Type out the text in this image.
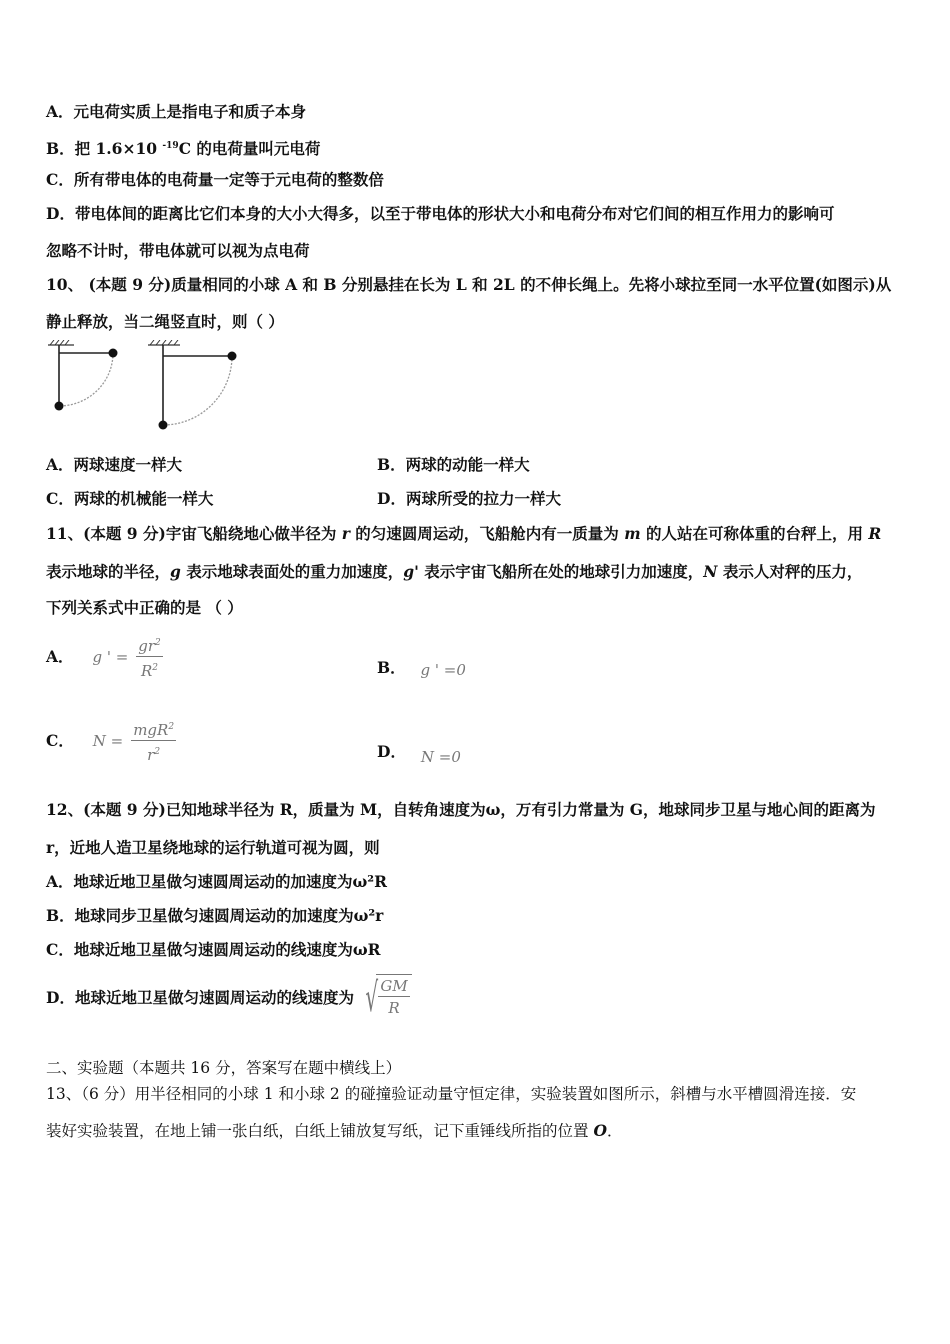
A．元电荷实质上是指电子和质子本身
B．把 1.6×10 $^{-19}$C 的电荷量叫元电荷
C．所有带电体的电荷量一定等于元电荷的整数倍
D．带电体间的距离比它们本身的大小大得多，以至于带电体的形状大小和电荷分布对它们间的相互作用力的影响可
忽略不计时，带电体就可以视为点电荷
10、 (本题 9 分)质量相同的小球 A 和 B 分别悬挂在长为 L 和 2L 的不伸长绳上。先将小球拉至同一水平位置(如图示)从
静止释放，当二绳竖直时，则（ ）
A．两球速度一样大	B．两球的动能一样大
C．两球的机械能一样大	D．两球所受的拉力一样大
11、(本题 9 分)宇宙飞船绕地心做半径为 r 的匀速圆周运动，飞船舱内有一质量为 m 的人站在可称体重的台秤上，用 R
表示地球的半径，g 表示地球表面处的重力加速度，g' 表示宇宙飞船所在处的地球引力加速度，N 表示人对秤的压力，
下列关系式中正确的是 （ ）
A． g ' = $\frac{gr^2}{R^2}$	B． g ' =0
C． $N = \frac{mgR^2}{r^2}$	D． N =0
12、(本题 9 分)已知地球半径为 R，质量为 M，自转角速度为ω，万有引力常量为 G，地球同步卫星与地心间的距离为
r，近地人造卫星绕地球的运行轨道可视为圆，则
A．地球近地卫星做匀速圆周运动的加速度为ω²R
B．地球同步卫星做匀速圆周运动的加速度为ω²r
C．地球近地卫星做匀速圆周运动的线速度为ωR
D．地球近地卫星做匀速圆周运动的线速度为 √ $\frac{GM}{R}$
二、实验题（本题共 16 分，答案写在题中横线上）
13、（6 分）用半径相同的小球 1 和小球 2 的碰撞验证动量守恒定律，实验装置如图所示，斜槽与水平槽圆滑连接．安
装好实验装置，在地上铺一张白纸，白纸上铺放复写纸，记下重锤线所指的位置 O．
